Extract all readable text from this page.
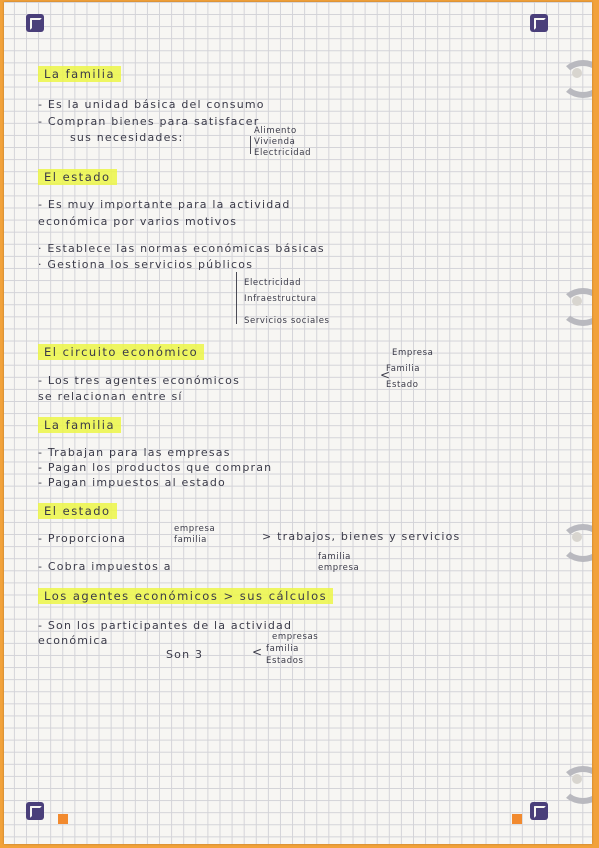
La familia
- Es la unidad básica del consumo
- Compran bienes para satisfacer
sus necesidades:	Alimento
Vivienda
Electricidad
El estado
- Es muy importante para la actividad
económica por varios motivos
· Establece las normas económicas básicas
· Gestiona los servicios públicos
Electricidad
Infraestructura
Servicios sociales
El circuito económico
- Los tres agentes económicos
se relacionan entre sí
<
Empresa
Familia
Estado
La familia
- Trabajan para las empresas
- Pagan los productos que compran
- Pagan impuestos al estado
El estado
- Proporciona
empresa
familia	> trabajos, bienes y servicios
- Cobra impuestos a
familia
empresa
Los agentes económicos > sus cálculos
- Son los participantes de la actividad
económica
Son 3	<
empresas
familia
Estados
